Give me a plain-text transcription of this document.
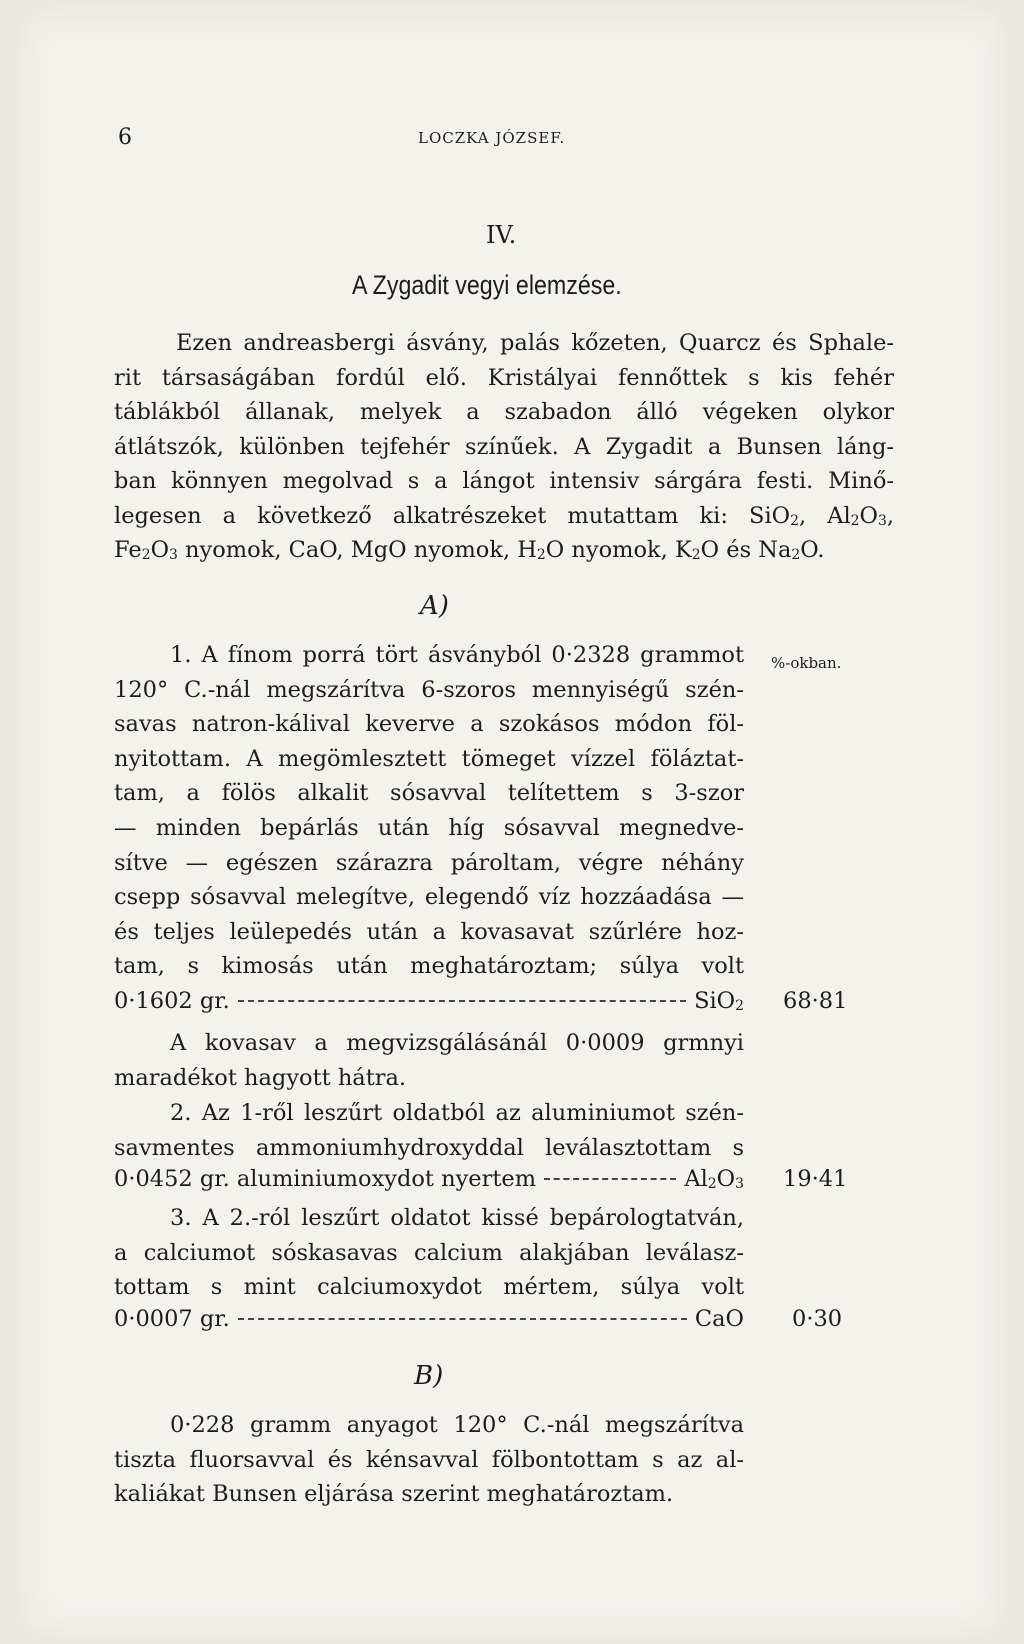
6	LOCZKA JÓZSEF.
IV.
A Zygadit vegyi elemzése.
Ezen andreasbergi ásvány, palás kőzeten, Quarcz és Sphale-
rit társaságában fordúl elő. Kristályai fennőttek s kis fehér
táblákból állanak, melyek a szabadon álló végeken olykor
átlátszók, különben tejfehér színűek. A Zygadit a Bunsen láng-
ban könnyen megolvad s a lángot intensiv sárgára festi. Minő-
legesen a következő alkatrészeket mutattam ki: SiO$_2$, $Al_2O_3$,
$Fe_2O_3$ nyomok, CaO, MgO nyomok, $H_2O$ nyomok, $K_2O$ és $Na_2O$.
A)
%-okban.
1. A fínom porrá tört ásványból 0·2328 grammot
120° C.-nál megszárítva 6-szoros mennyiségű szén-
savas natron-kálival keverve a szokásos módon föl-
nyitottam. A megömlesztett tömeget vízzel föláztat-
tam, a fölös alkalit sósavval telítettem s 3-szor
— minden bepárlás után híg sósavval megnedve-
sítve — egészen szárazra pároltam, végre néhány
csepp sósavval melegítve, elegendő víz hozzáadása —
és teljes leülepedés után a kovasavat szűrlére hoz-
tam, s kimosás után meghatároztam; súlya volt
0·1602 gr.	SiO$_2$ 68·81
A kovasav a megvizsgálásánál 0·0009 grmnyi
maradékot hagyott hátra.
2. Az 1-ről leszűrt oldatból az aluminiumot szén-
savmentes ammoniumhydroxyddal leválasztottam s
0·0452 gr. aluminiumoxydot nyertem	$Al_2O_3$ 19·41
3. A 2.-ról leszűrt oldatot kissé bepárologtatván,
a calciumot sóskasavas calcium alakjában leválasz-
tottam s mint calciumoxydot mértem, súlya volt
0·0007 gr.	CaO 0·30
B)
0·228 gramm anyagot 120° C.-nál megszárítva
tiszta fluorsavval és kénsavval fölbontottam s az al-
kaliákat Bunsen eljárása szerint meghatároztam.
